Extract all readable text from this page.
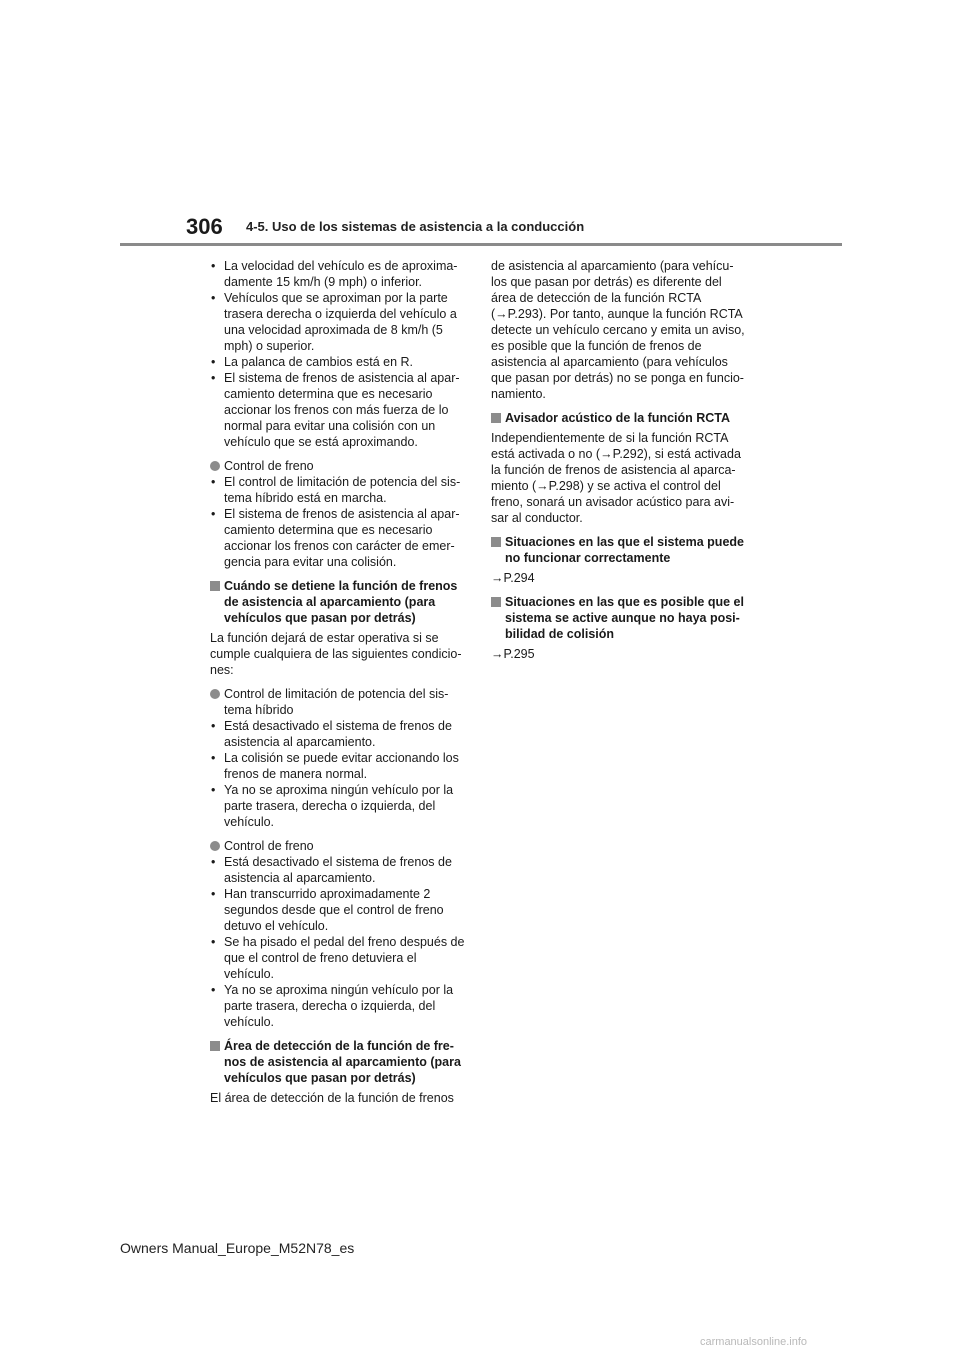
306 4-5. Uso de los sistemas de asistencia a la conducción
• La velocidad del vehículo es de aproxima-damente 15 km/h (9 mph) o inferior.
• Vehículos que se aproximan por la parte trasera derecha o izquierda del vehículo a una velocidad aproximada de 8 km/h (5 mph) o superior.
• La palanca de cambios está en R.
• El sistema de frenos de asistencia al apar-camiento determina que es necesario accionar los frenos con más fuerza de lo normal para evitar una colisión con un vehículo que se está aproximando.
Control de freno
• El control de limitación de potencia del sis-tema híbrido está en marcha.
• El sistema de frenos de asistencia al apar-camiento determina que es necesario accionar los frenos con carácter de emer-gencia para evitar una colisión.
Cuándo se detiene la función de frenos de asistencia al aparcamiento (para vehículos que pasan por detrás)

La función dejará de estar operativa si se cumple cualquiera de las siguientes condicio-nes:

Control de limitación de potencia del sis-tema híbrido
• Está desactivado el sistema de frenos de asistencia al aparcamiento.
• La colisión se puede evitar accionando los frenos de manera normal.
• Ya no se aproxima ningún vehículo por la parte trasera, derecha o izquierda, del vehículo.
Control de freno
• Está desactivado el sistema de frenos de asistencia al aparcamiento.
• Han transcurrido aproximadamente 2 segundos desde que el control de freno detuvo el vehículo.
• Se ha pisado el pedal del freno después de que el control de freno detuviera el vehículo.
• Ya no se aproxima ningún vehículo por la parte trasera, derecha o izquierda, del vehículo.
Área de detección de la función de fre-nos de asistencia al aparcamiento (para vehículos que pasan por detrás)

El área de detección de la función de frenos

de asistencia al aparcamiento (para vehícu-los que pasan por detrás) es diferente del área de detección de la función RCTA (→P.293). Por tanto, aunque la función RCTA detecte un vehículo cercano y emita un aviso, es posible que la función de frenos de asistencia al aparcamiento (para vehículos que pasan por detrás) no se ponga en funcio-namiento.

Avisador acústico de la función RCTA

Independientemente de si la función RCTA está activada o no (→P.292), si está activada la función de frenos de asistencia al aparca-miento (→P.298) y se activa el control del freno, sonará un avisador acústico para avi-sar al conductor.

Situaciones en las que el sistema puede no funcionar correctamente

→P.294

Situaciones en las que es posible que el sistema se active aunque no haya posi-bilidad de colisión

→P.295

Owners Manual_Europe_M52N78_es
carmanualsonline.info
